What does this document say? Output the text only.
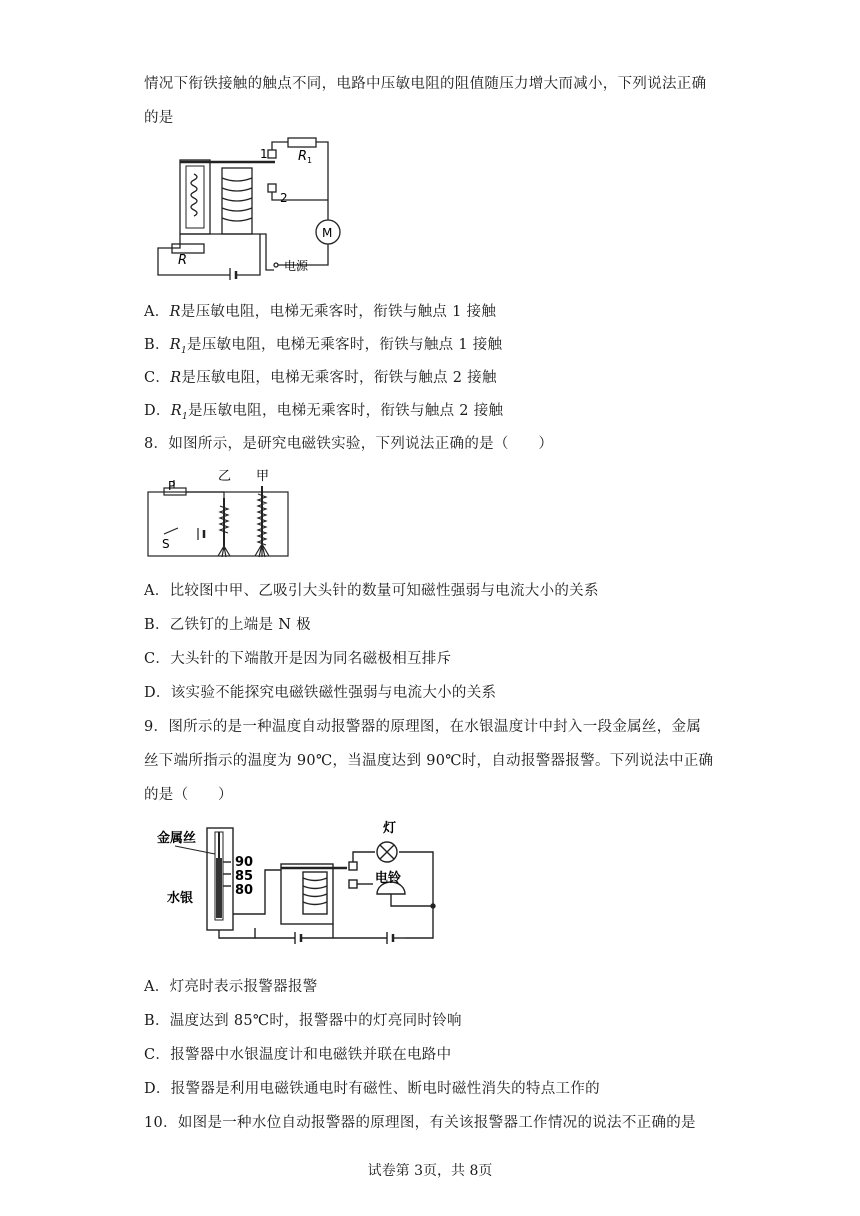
情况下衔铁接触的触点不同，电路中压敏电阻的阻值随压力增大而减小，下列说法正确
的是
1
2
R 1
R
M
电源
A．R是压敏电阻，电梯无乘客时，衔铁与触点 1 接触
B．$R_1$是压敏电阻，电梯无乘客时，衔铁与触点 1 接触
C．R是压敏电阻，电梯无乘客时，衔铁与触点 2 接触
D．$R_1$是压敏电阻，电梯无乘客时，衔铁与触点 2 接触
8．如图所示，是研究电磁铁实验，下列说法正确的是（　　）
P
S
乙 甲
A．比较图中甲、乙吸引大头针的数量可知磁性强弱与电流大小的关系
B．乙铁钉的上端是 N 极
C．大头针的下端散开是因为同名磁极相互排斥
D．该实验不能探究电磁铁磁性强弱与电流大小的关系
9．图所示的是一种温度自动报警器的原理图，在水银温度计中封入一段金属丝，金属
丝下端所指示的温度为 90℃，当温度达到 90℃时，自动报警器报警。下列说法中正确
的是（　　）
金属丝
水银
90
85
80
灯
电铃
A．灯亮时表示报警器报警
B．温度达到 85℃时，报警器中的灯亮同时铃响
C．报警器中水银温度计和电磁铁并联在电路中
D．报警器是利用电磁铁通电时有磁性、断电时磁性消失的特点工作的
10．如图是一种水位自动报警器的原理图，有关该报警器工作情况的说法不正确的是
试卷第 3页，共 8页
